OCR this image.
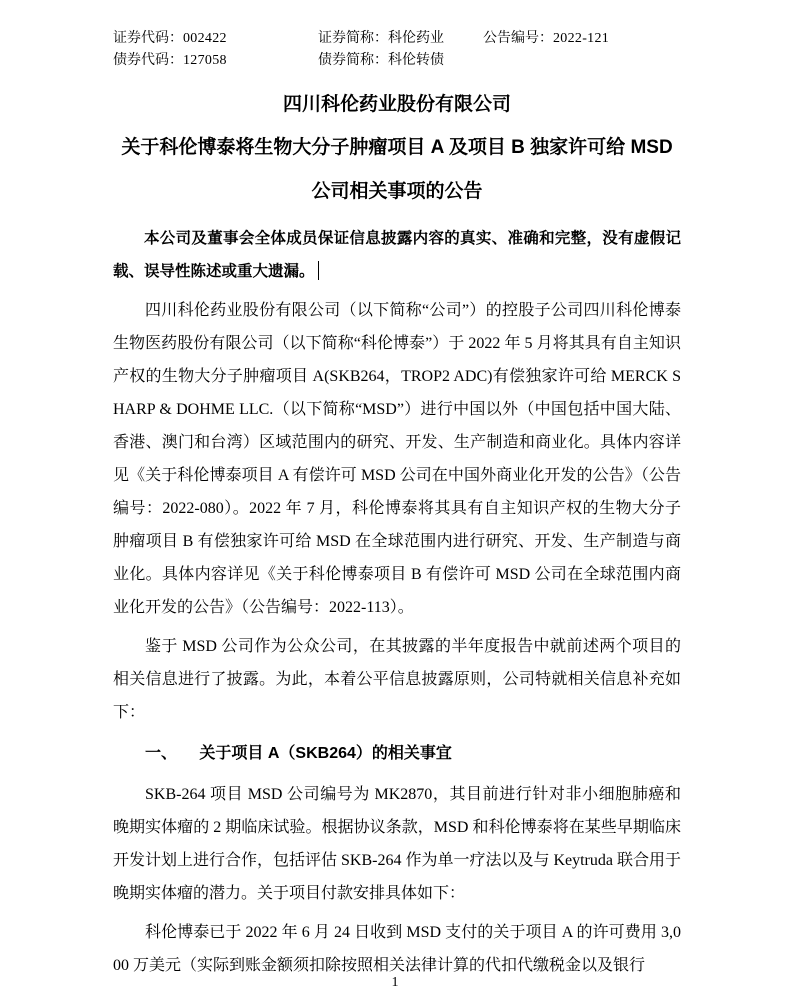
证券代码：002422	证券简称：科伦药业	公告编号：2022-121
债券代码：127058	债券简称：科伦转债
四川科伦药业股份有限公司
关于科伦博泰将生物大分子肿瘤项目 A 及项目 B 独家许可给 MSD 公司相关事项的公告

本公司及董事会全体成员保证信息披露内容的真实、准确和完整，没有虚假记载、误导性陈述或重大遗漏。

四川科伦药业股份有限公司（以下简称“公司”）的控股子公司四川科伦博泰生物医药股份有限公司（以下简称“科伦博泰”）于 2022 年 5 月将其具有自主知识产权的生物大分子肿瘤项目 A(SKB264，TROP2 ADC)有偿独家许可给 MERCK SHARP & DOHME LLC.（以下简称“MSD”）进行中国以外（中国包括中国大陆、香港、澳门和台湾）区域范围内的研究、开发、生产制造和商业化。具体内容详见《关于科伦博泰项目 A 有偿许可 MSD 公司在中国外商业化开发的公告》（公告编号：2022-080）。2022 年 7 月，科伦博泰将其具有自主知识产权的生物大分子肿瘤项目 B 有偿独家许可给 MSD 在全球范围内进行研究、开发、生产制造与商业化。具体内容详见《关于科伦博泰项目 B 有偿许可 MSD 公司在全球范围内商业化开发的公告》（公告编号：2022-113）。

鉴于 MSD 公司作为公众公司，在其披露的半年度报告中就前述两个项目的相关信息进行了披露。为此，本着公平信息披露原则，公司特就相关信息补充如下：

一、 关于项目 A（SKB264）的相关事宜

SKB-264 项目 MSD 公司编号为 MK2870，其目前进行针对非小细胞肺癌和晚期实体瘤的 2 期临床试验。根据协议条款，MSD 和科伦博泰将在某些早期临床开发计划上进行合作，包括评估 SKB-264 作为单一疗法以及与 Keytruda 联合用于晚期实体瘤的潜力。关于项目付款安排具体如下：

科伦博泰已于 2022 年 6 月 24 日收到 MSD 支付的关于项目 A 的许可费用 3,000 万美元（实际到账金额须扣除按照相关法律计算的代扣代缴税金以及银行

1
